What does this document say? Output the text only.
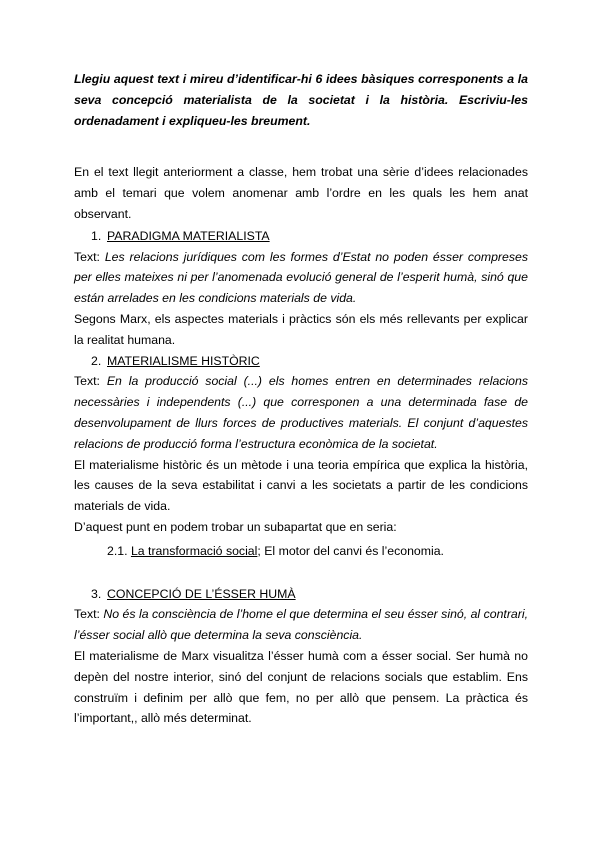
Llegiu aquest text i mireu d’identificar-hi 6 idees bàsiques corresponents a la seva concepció materialista de la societat i la història. Escriviu-les ordenadament i expliqueu-les breument.

En el text llegit anteriorment a classe, hem trobat una sèrie d’idees relacionades amb el temari que volem anomenar amb l’ordre en les quals les hem anat observant.

1. PARADIGMA MATERIALISTA

Text: Les relacions jurídiques com les formes d’Estat no poden ésser compreses per elles mateixes ni per l’anomenada evolució general de l’esperit humà, sinó que están arrelades en les condicions materials de vida.

Segons Marx, els aspectes materials i pràctics són els més rellevants per explicar la realitat humana.

2. MATERIALISME HISTÒRIC

Text: En la producció social (...) els homes entren en determinades relacions necessàries i independents (...) que corresponen a una determinada fase de desenvolupament de llurs forces de productives materials. El conjunt d’aquestes relacions de producció forma l’estructura econòmica de la societat.

El materialisme històric és un mètode i una teoria empírica que explica la història, les causes de la seva estabilitat i canvi a les societats a partir de les condicions materials de vida.

D’aquest punt en podem trobar un subapartat que en seria:

2.1. La transformació social; El motor del canvi és l’economia.
3. CONCEPCIÓ DE L’ÉSSER HUMÀ

Text: No és la consciència de l’home el que determina el seu ésser sinó, al contrari, l’ésser social allò que determina la seva consciència.

El materialisme de Marx visualitza l’ésser humà com a ésser social. Ser humà no depèn del nostre interior, sinó del conjunt de relacions socials que establim. Ens construïm i definim per allò que fem, no per allò que pensem. La pràctica és l’important,, allò més determinat.
